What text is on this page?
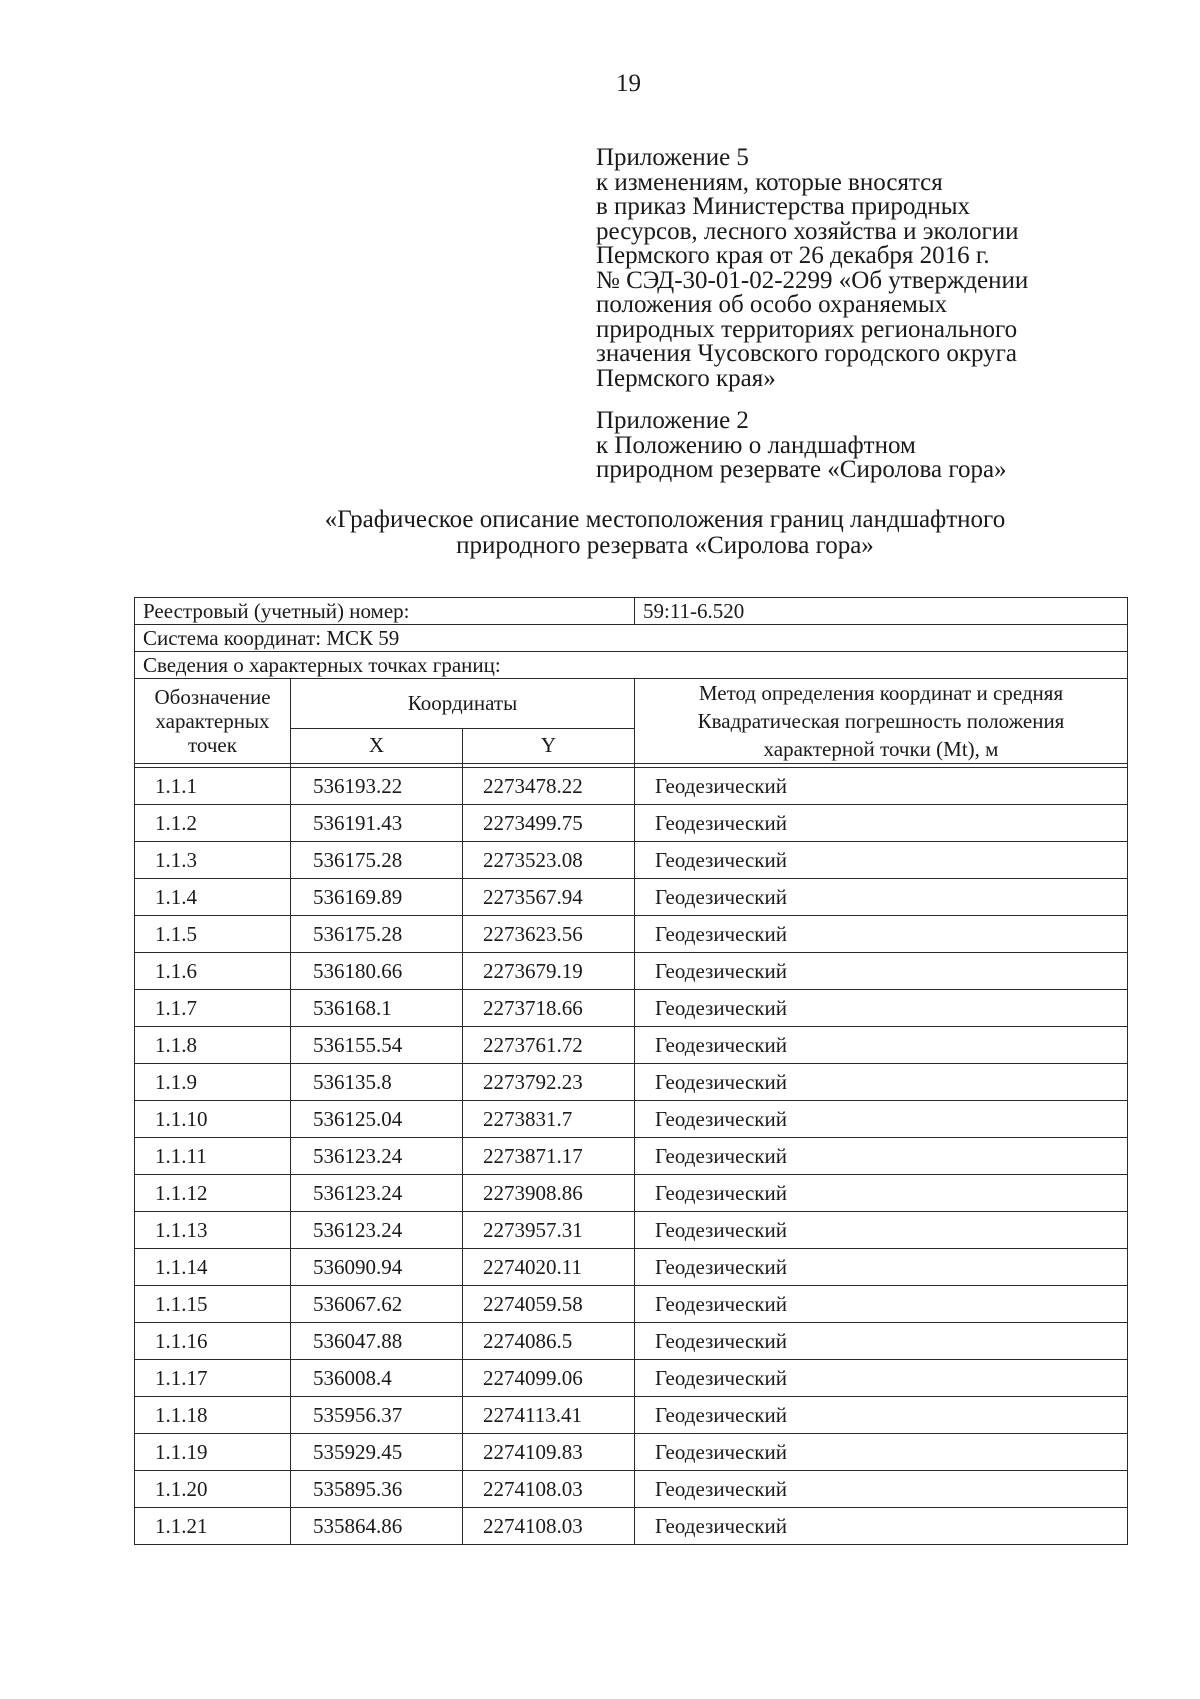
19
Приложение 5
к изменениям, которые вносятся
в приказ Министерства природных
ресурсов, лесного хозяйства и экологии
Пермского края от 26 декабря 2016 г.
№ СЭД-30-01-02-2299 «Об утверждении
положения об особо охраняемых
природных территориях регионального
значения Чусовского городского округа
Пермского края»
Приложение 2
к Положению о ландшафтном
природном резервате «Сиролова гора»
«Графическое описание местоположения границ ландшафтного
природного резервата «Сиролова гора»
Реестровый (учетный) номер:			59:11-6.520
Система координат: МСК 59			
Сведения о характерных точках границ:			
Обозначение характерных точек	Координаты		Метод определения координат и средняя Квадратическая погрешность положения характерной точки (Mt), м
	X	Y	

1.1.1	536193.22	2273478.22	Геодезический
1.1.2	536191.43	2273499.75	Геодезический
1.1.3	536175.28	2273523.08	Геодезический
1.1.4	536169.89	2273567.94	Геодезический
1.1.5	536175.28	2273623.56	Геодезический
1.1.6	536180.66	2273679.19	Геодезический
1.1.7	536168.1	2273718.66	Геодезический
1.1.8	536155.54	2273761.72	Геодезический
1.1.9	536135.8	2273792.23	Геодезический
1.1.10	536125.04	2273831.7	Геодезический
1.1.11	536123.24	2273871.17	Геодезический
1.1.12	536123.24	2273908.86	Геодезический
1.1.13	536123.24	2273957.31	Геодезический
1.1.14	536090.94	2274020.11	Геодезический
1.1.15	536067.62	2274059.58	Геодезический
1.1.16	536047.88	2274086.5	Геодезический
1.1.17	536008.4	2274099.06	Геодезический
1.1.18	535956.37	2274113.41	Геодезический
1.1.19	535929.45	2274109.83	Геодезический
1.1.20	535895.36	2274108.03	Геодезический
1.1.21	535864.86	2274108.03	Геодезический
